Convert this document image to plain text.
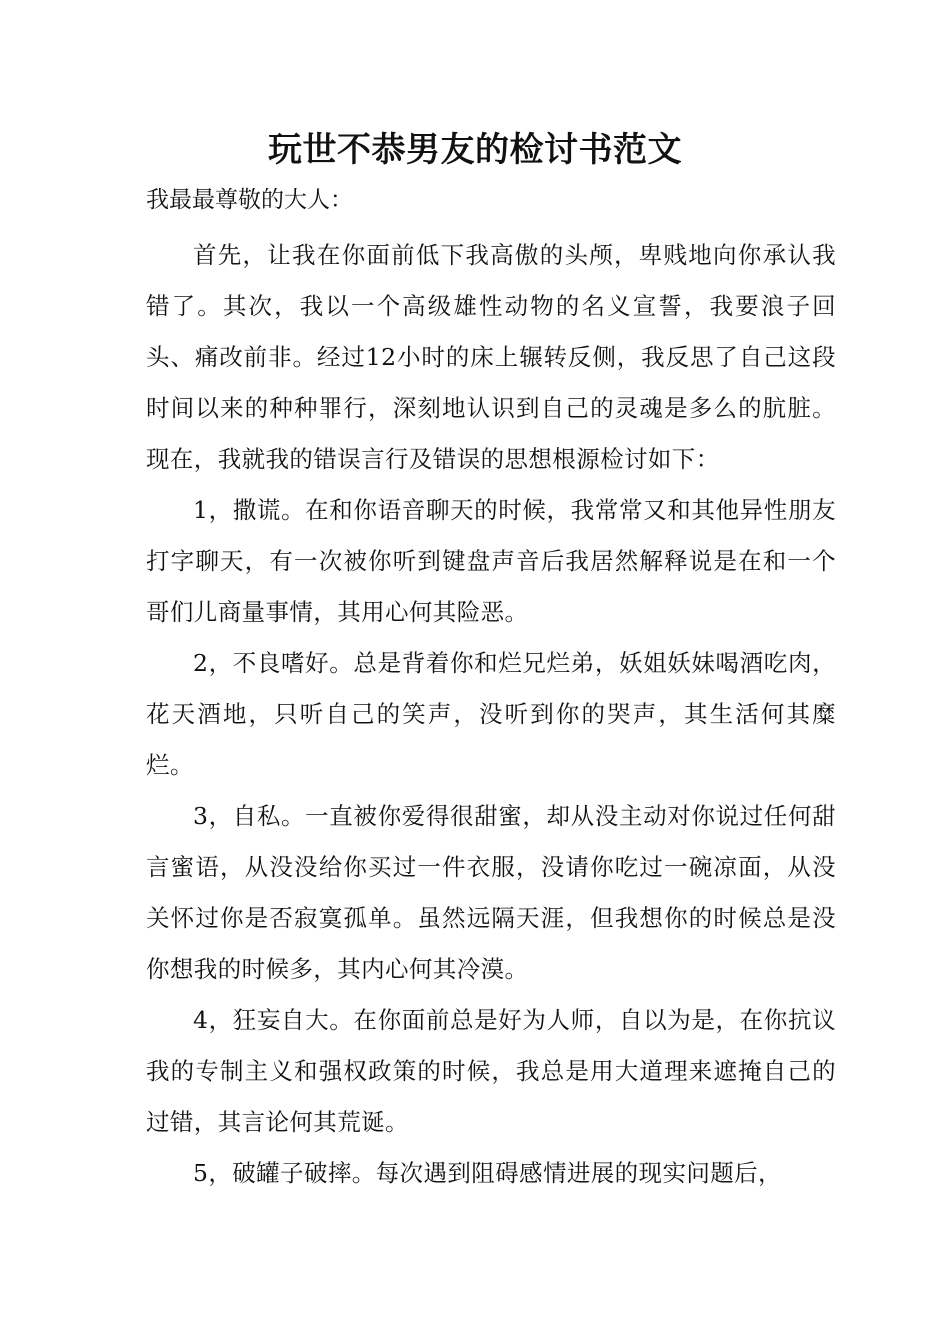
玩世不恭男友的检讨书范文

我最最尊敬的大人：

首先，让我在你面前低下我高傲的头颅，卑贱地向你承认我错了。其次，我以一个高级雄性动物的名义宣誓，我要浪子回头、痛改前非。经过12小时的床上辗转反侧，我反思了自己这段时间以来的种种罪行，深刻地认识到自己的灵魂是多么的肮脏。现在，我就我的错误言行及错误的思想根源检讨如下：

1，撒谎。在和你语音聊天的时候，我常常又和其他异性朋友打字聊天，有一次被你听到键盘声音后我居然解释说是在和一个哥们儿商量事情，其用心何其险恶。

2，不良嗜好。总是背着你和烂兄烂弟，妖姐妖妹喝酒吃肉，花天酒地，只听自己的笑声，没听到你的哭声，其生活何其糜烂。

3，自私。一直被你爱得很甜蜜，却从没主动对你说过任何甜言蜜语，从没没给你买过一件衣服，没请你吃过一碗凉面，从没关怀过你是否寂寞孤单。虽然远隔天涯，但我想你的时候总是没你想我的时候多，其内心何其冷漠。

4，狂妄自大。在你面前总是好为人师，自以为是，在你抗议我的专制主义和强权政策的时候，我总是用大道理来遮掩自己的过错，其言论何其荒诞。

5，破罐子破摔。每次遇到阻碍感情进展的现实问题后，
